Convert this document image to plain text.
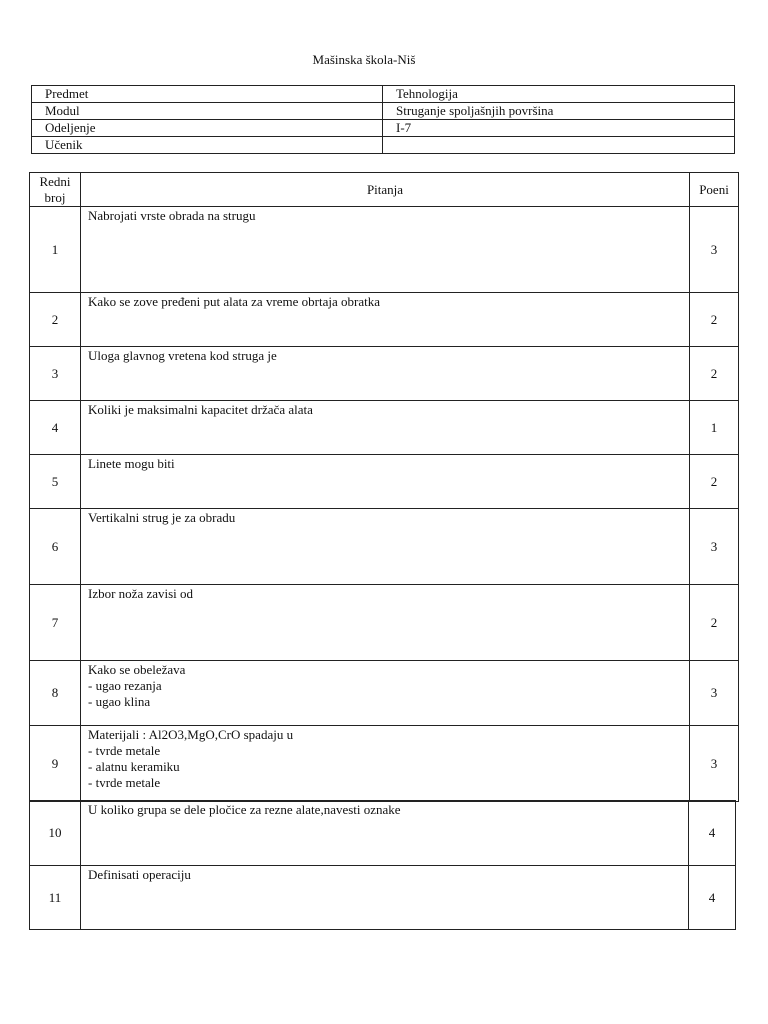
Mašinska škola-Niš
Predmet	Tehnologija
Modul	Struganje spoljašnjih površina
Odeljenje	I-7
Učenik	
Redni
broj	Pitanja	Poeni
1	Nabrojati vrste obrada na strugu	3
2	Kako se zove pređeni put alata za vreme obrtaja obratka	2
3	Uloga glavnog vretena kod struga je	2
4	Koliki je maksimalni kapacitet držača alata	1
5	Linete mogu biti	2
6	Vertikalni strug je za obradu	3
7	Izbor noža zavisi od	2
8	Kako se obeležava
- ugao rezanja
- ugao klina	3
9	Materijali : Al2O3,MgO,CrO spadaju u
- tvrde metale
- alatnu keramiku
- tvrde metale	3
10	U koliko grupa se dele pločice za rezne alate,navesti oznake	4
11	Definisati operaciju	4
